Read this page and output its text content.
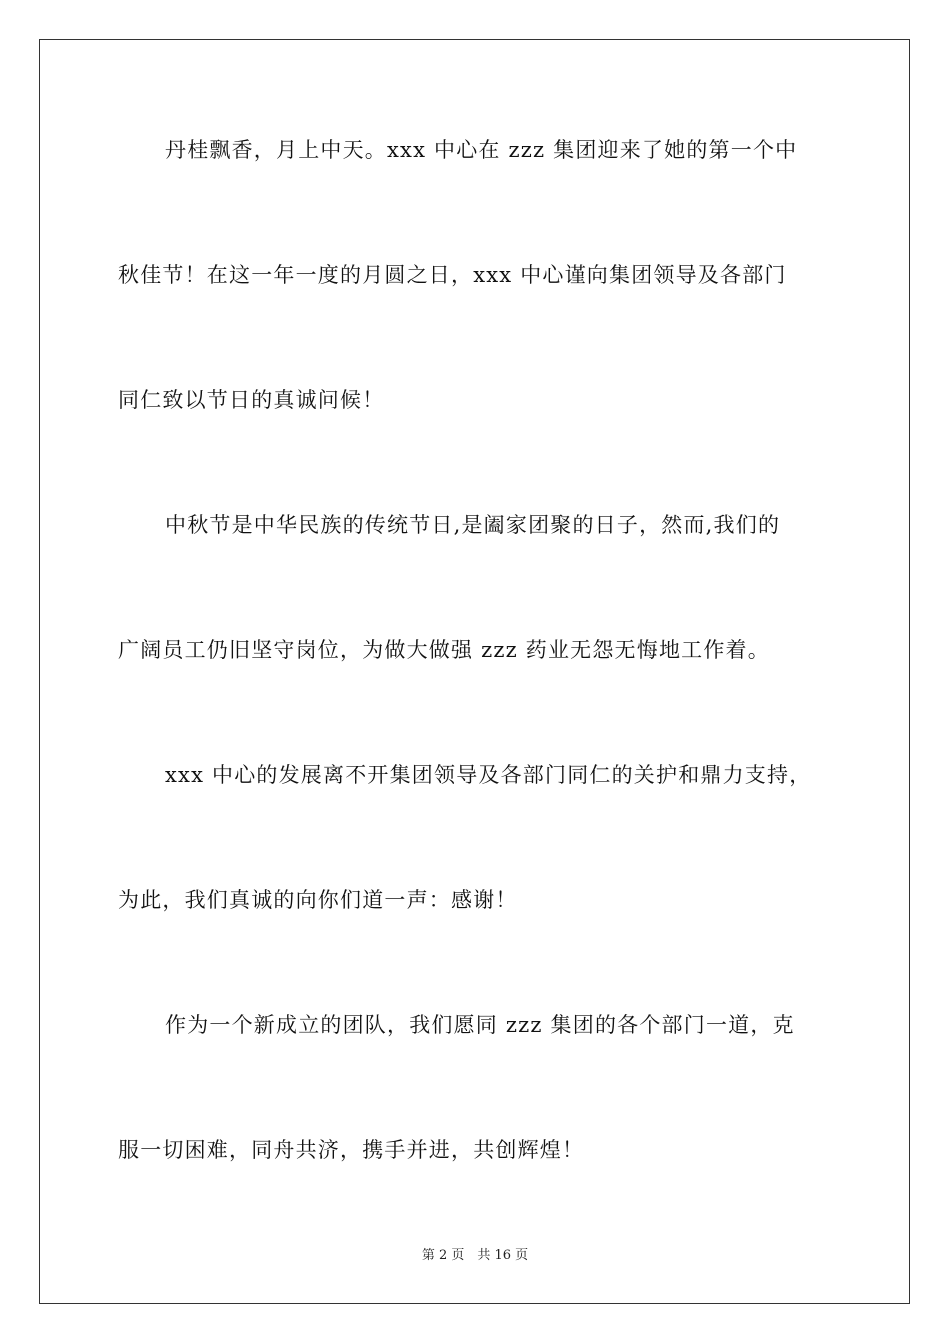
丹桂飘香，月上中天。xxx 中心在 zzz 集团迎来了她的第一个中
秋佳节！在这一年一度的月圆之日，xxx 中心谨向集团领导及各部门
同仁致以节日的真诚问候！
中秋节是中华民族的传统节日,是阖家团聚的日子，然而,我们的
广阔员工仍旧坚守岗位，为做大做强 zzz 药业无怨无悔地工作着。
xxx 中心的发展离不开集团领导及各部门同仁的关护和鼎力支持，
为此，我们真诚的向你们道一声：感谢！
作为一个新成立的团队，我们愿同 zzz 集团的各个部门一道，克
服一切困难，同舟共济，携手并进，共创辉煌！
第 2 页　共 16 页
